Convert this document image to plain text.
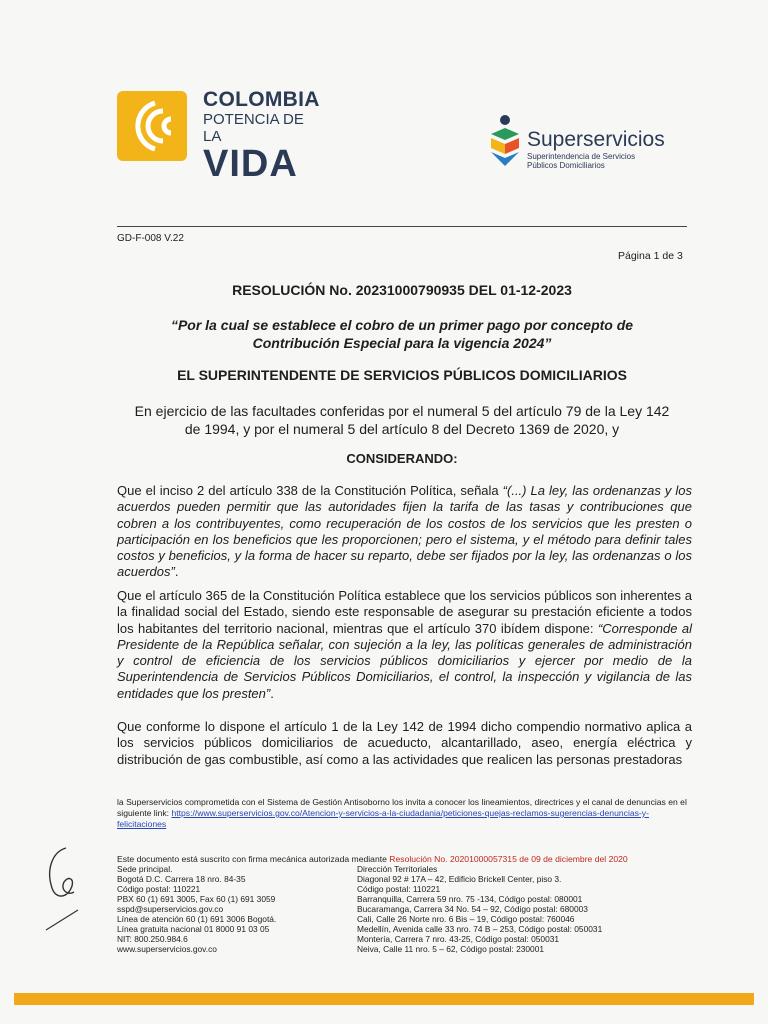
COLOMBIA
POTENCIA DE LA
VIDA
Superservicios
Superintendencia de Servicios
Públicos Domiciliarios
GD-F-008 V.22
Página 1 de 3
RESOLUCIÓN No. 20231000790935 DEL 01-12-2023
“Por la cual se establece el cobro de un primer pago por concepto de
Contribución Especial para la vigencia 2024”
EL SUPERINTENDENTE DE SERVICIOS PÚBLICOS DOMICILIARIOS
En ejercicio de las facultades conferidas por el numeral 5 del artículo 79 de la Ley 142
de 1994, y por el numeral 5 del artículo 8 del Decreto 1369 de 2020, y
CONSIDERANDO:
Que el inciso 2 del artículo 338 de la Constitución Política, señala “(...) La ley, las ordenanzas y los acuerdos pueden permitir que las autoridades fijen la tarifa de las tasas y contribuciones que cobren a los contribuyentes, como recuperación de los costos de los servicios que les presten o participación en los beneficios que les proporcionen; pero el sistema, y el método para definir tales costos y beneficios, y la forma de hacer su reparto, debe ser fijados por la ley, las ordenanzas o los acuerdos”.
Que el artículo 365 de la Constitución Política establece que los servicios públicos son inherentes a la finalidad social del Estado, siendo este responsable de asegurar su prestación eficiente a todos los habitantes del territorio nacional, mientras que el artículo 370 ibídem dispone: “Corresponde al Presidente de la República señalar, con sujeción a la ley, las políticas generales de administración y control de eficiencia de los servicios públicos domiciliarios y ejercer por medio de la Superintendencia de Servicios Públicos Domiciliarios, el control, la inspección y vigilancia de las entidades que los presten”.
Que conforme lo dispone el artículo 1 de la Ley 142 de 1994 dicho compendio normativo aplica a los servicios públicos domiciliarios de acueducto, alcantarillado, aseo, energía eléctrica y distribución de gas combustible, así como a las actividades que realicen las personas prestadoras
la Superservicios comprometida con el Sistema de Gestión Antisoborno los invita a conocer los lineamientos, directrices y el canal de denuncias en el siguiente link: https://www.superservicios.gov.co/Atencion-y-servicios-a-la-ciudadania/peticiones-quejas-reclamos-sugerencias-denuncias-y-felicitaciones
Este documento está suscrito con firma mecánica autorizada mediante Resolución No. 20201000057315 de 09 de diciembre del 2020
Sede principal.
Bogotá D.C. Carrera 18 nro. 84-35
Código postal: 110221
PBX 60 (1) 691 3005, Fax 60 (1) 691 3059
sspd@superservicios.gov.co
Línea de atención 60 (1) 691 3006 Bogotá.
Línea gratuita nacional 01 8000 91 03 05
NIT: 800.250.984.6
www.superservicios.gov.co
Dirección Territoriales
Diagonal 92 # 17A – 42, Edificio Brickell Center, piso 3.
Código postal: 110221
Barranquilla, Carrera 59 nro. 75 -134, Código postal: 080001
Bucaramanga, Carrera 34 No. 54 – 92, Código postal: 680003
Cali, Calle 26 Norte nro. 6 Bis – 19, Código postal: 760046
Medellín, Avenida calle 33 nro. 74 B – 253, Código postal: 050031
Montería, Carrera 7 nro. 43-25, Código postal: 050031
Neiva, Calle 11 nro. 5 – 62, Código postal: 230001
